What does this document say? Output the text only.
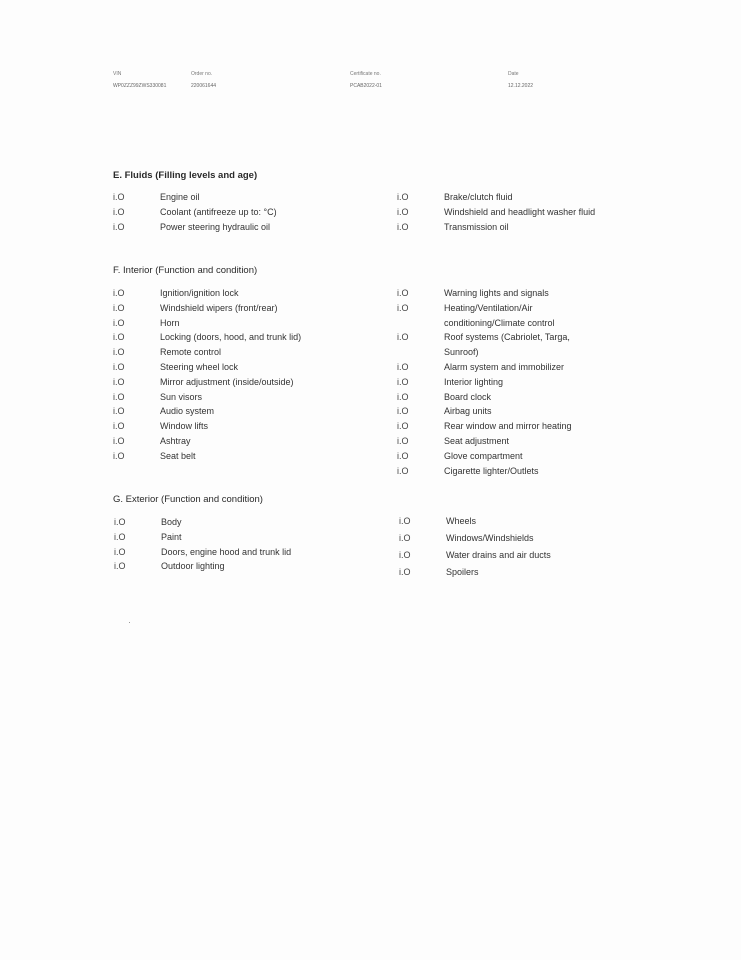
VIN
WP0ZZZ99ZWS330081
Order no.
220061644
Certificate no.
PCAB2022-01
Date
12.12.2022
E. Fluids (Filling levels and age)
i.O	Engine oil
i.O	Coolant (antifreeze up to: °C)
i.O	Power steering hydraulic oil
i.O	Brake/clutch fluid
i.O	Windshield and headlight washer fluid
i.O	Transmission oil
F. Interior (Function and condition)
i.O	Ignition/ignition lock
i.O	Windshield wipers (front/rear)
i.O	Horn
i.O	Locking (doors, hood, and trunk lid)
i.O	Remote control
i.O	Steering wheel lock
i.O	Mirror adjustment (inside/outside)
i.O	Sun visors
i.O	Audio system
i.O	Window lifts
i.O	Ashtray
i.O	Seat belt
i.O	Warning lights and signals
i.O	Heating/Ventilation/Air
conditioning/Climate control
i.O	Roof systems (Cabriolet, Targa,
Sunroof)
i.O	Alarm system and immobilizer
i.O	Interior lighting
i.O	Board clock
i.O	Airbag units
i.O	Rear window and mirror heating
i.O	Seat adjustment
i.O	Glove compartment
i.O	Cigarette lighter/Outlets
G. Exterior (Function and condition)
i.O	Body
i.O	Paint
i.O	Doors, engine hood and trunk lid
i.O	Outdoor lighting
i.O	Wheels
i.O	Windows/Windshields
i.O	Water drains and air ducts
i.O	Spoilers
